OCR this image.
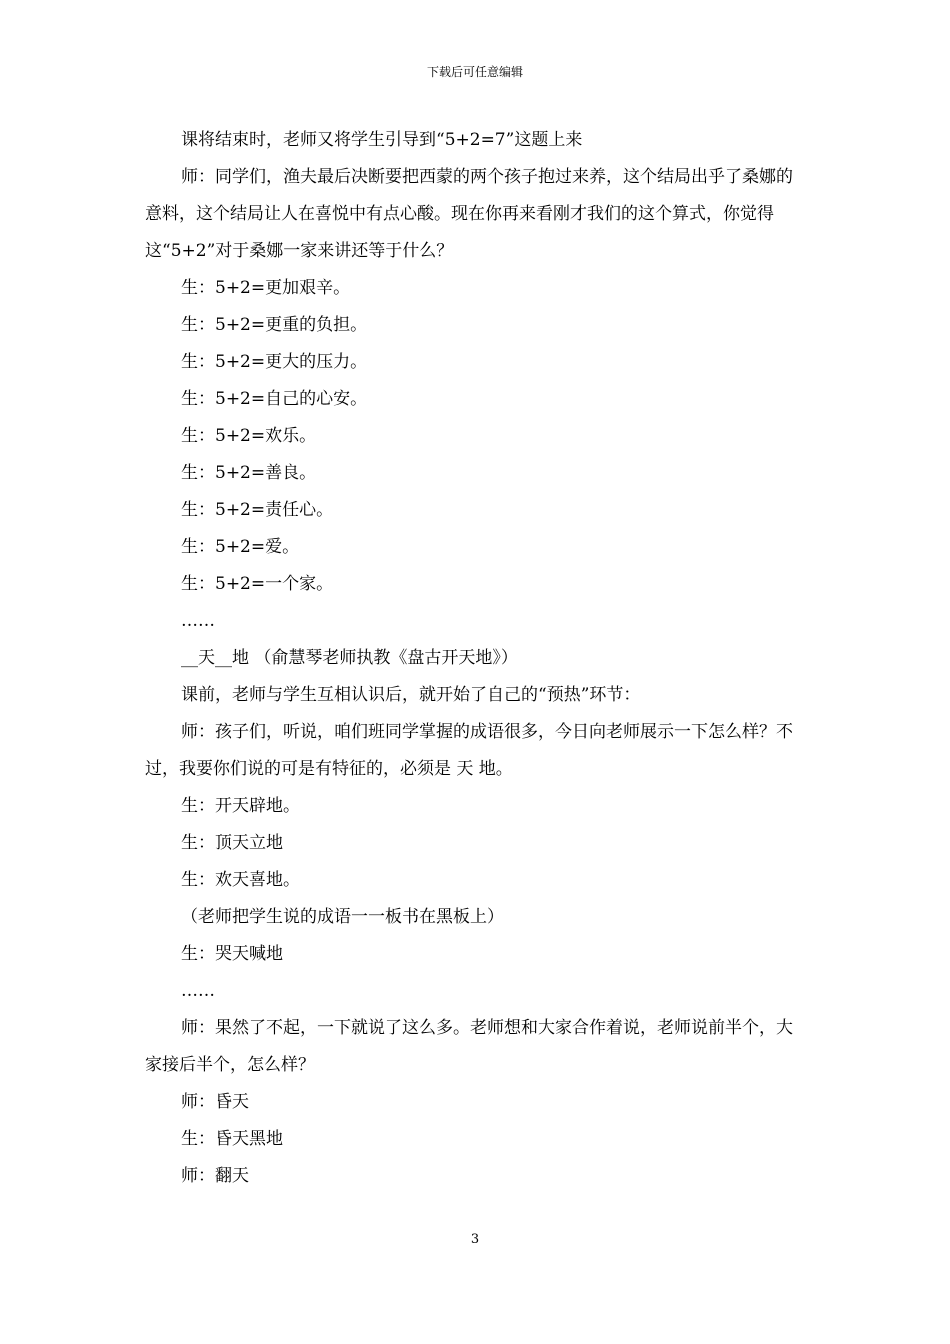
下载后可任意编辑

课将结束时，老师又将学生引导到“5+2=7”这题上来

师：同学们，渔夫最后决断要把西蒙的两个孩子抱过来养，这个结局出乎了桑娜的意料，这个结局让人在喜悦中有点心酸。现在你再来看刚才我们的这个算式，你觉得这“5+2”对于桑娜一家来讲还等于什么？

生：5+2=更加艰辛。

生：5+2=更重的负担。

生：5+2=更大的压力。

生：5+2=自己的心安。

生：5+2=欢乐。

生：5+2=善良。

生：5+2=责任心。

生：5+2=爱。

生：5+2=一个家。

……

__天__地 （俞慧琴老师执教《盘古开天地》）

课前，老师与学生互相认识后，就开始了自己的“预热”环节：

师：孩子们，听说，咱们班同学掌握的成语很多，今日向老师展示一下怎么样？不过，我要你们说的可是有特征的，必须是 天 地。

生：开天辟地。

生：顶天立地

生：欢天喜地。

（老师把学生说的成语一一板书在黑板上）

生：哭天喊地

……

师：果然了不起，一下就说了这么多。老师想和大家合作着说，老师说前半个，大家接后半个，怎么样？

师：昏天

生：昏天黑地

师：翻天

3
